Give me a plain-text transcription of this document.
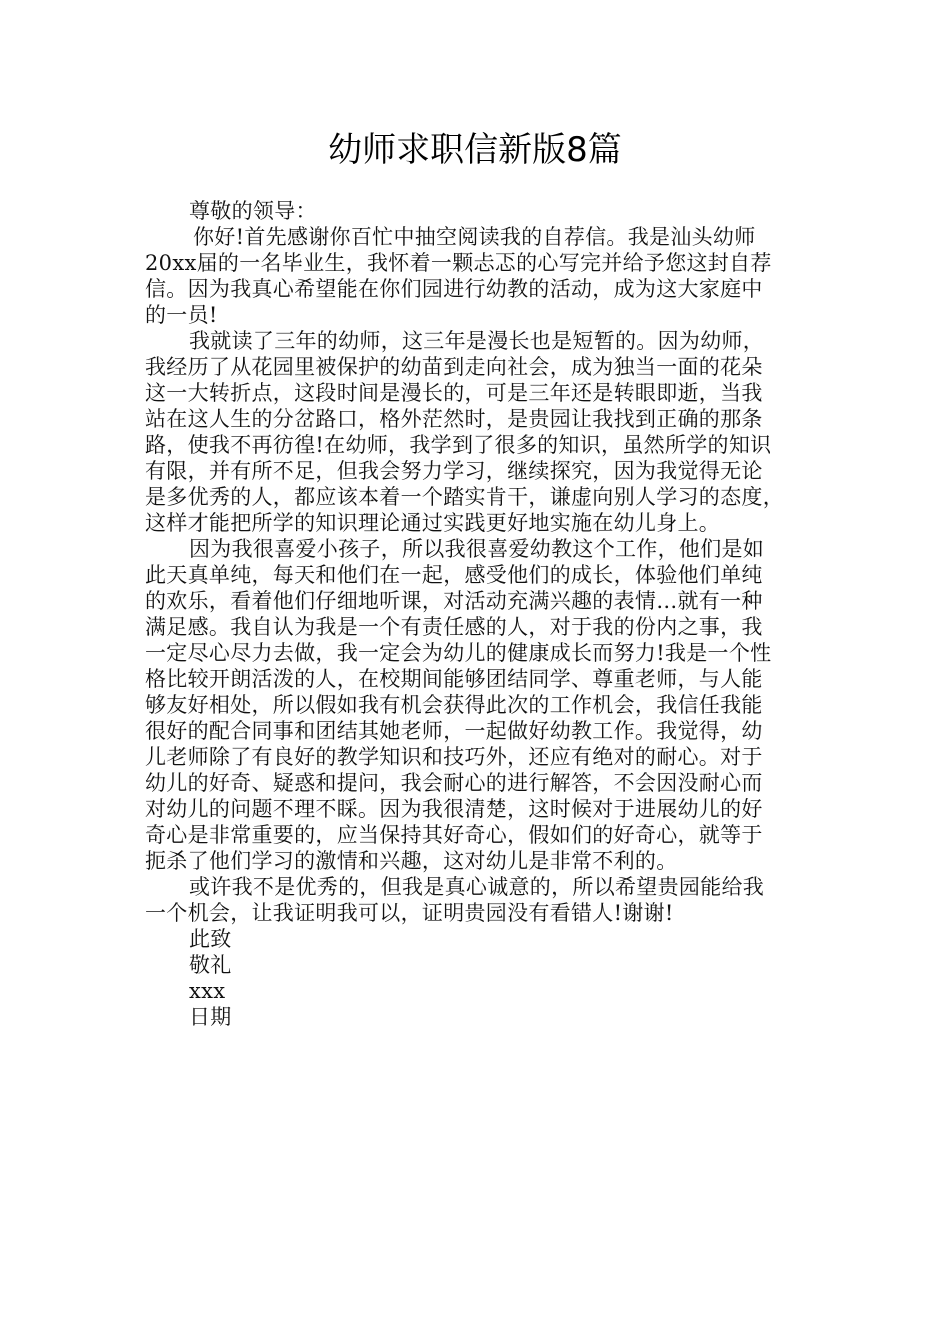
幼师求职信新版8篇
尊敬的领导：
你好!首先感谢你百忙中抽空阅读我的自荐信。我是汕头幼师
20xx届的一名毕业生，我怀着一颗忐忑的心写完并给予您这封自荐
信。因为我真心希望能在你们园进行幼教的活动，成为这大家庭中
的一员!
我就读了三年的幼师，这三年是漫长也是短暂的。因为幼师，
我经历了从花园里被保护的幼苗到走向社会，成为独当一面的花朵
这一大转折点，这段时间是漫长的，可是三年还是转眼即逝，当我
站在这人生的分岔路口，格外茫然时，是贵园让我找到正确的那条
路，使我不再彷徨!在幼师，我学到了很多的知识，虽然所学的知识
有限，并有所不足，但我会努力学习，继续探究，因为我觉得无论
是多优秀的人，都应该本着一个踏实肯干，谦虚向别人学习的态度，
这样才能把所学的知识理论通过实践更好地实施在幼儿身上。
因为我很喜爱小孩子，所以我很喜爱幼教这个工作，他们是如
此天真单纯，每天和他们在一起，感受他们的成长，体验他们单纯
的欢乐，看着他们仔细地听课，对活动充满兴趣的表情…就有一种
满足感。我自认为我是一个有责任感的人，对于我的份内之事，我
一定尽心尽力去做，我一定会为幼儿的健康成长而努力!我是一个性
格比较开朗活泼的人，在校期间能够团结同学、尊重老师，与人能
够友好相处，所以假如我有机会获得此次的工作机会，我信任我能
很好的配合同事和团结其她老师，一起做好幼教工作。我觉得，幼
儿老师除了有良好的教学知识和技巧外，还应有绝对的耐心。对于
幼儿的好奇、疑惑和提问，我会耐心的进行解答，不会因没耐心而
对幼儿的问题不理不睬。因为我很清楚，这时候对于进展幼儿的好
奇心是非常重要的，应当保持其好奇心，假如们的好奇心，就等于
扼杀了他们学习的激情和兴趣，这对幼儿是非常不利的。
或许我不是优秀的，但我是真心诚意的，所以希望贵园能给我
一个机会，让我证明我可以，证明贵园没有看错人!谢谢!
此致
敬礼
xxx
日期
